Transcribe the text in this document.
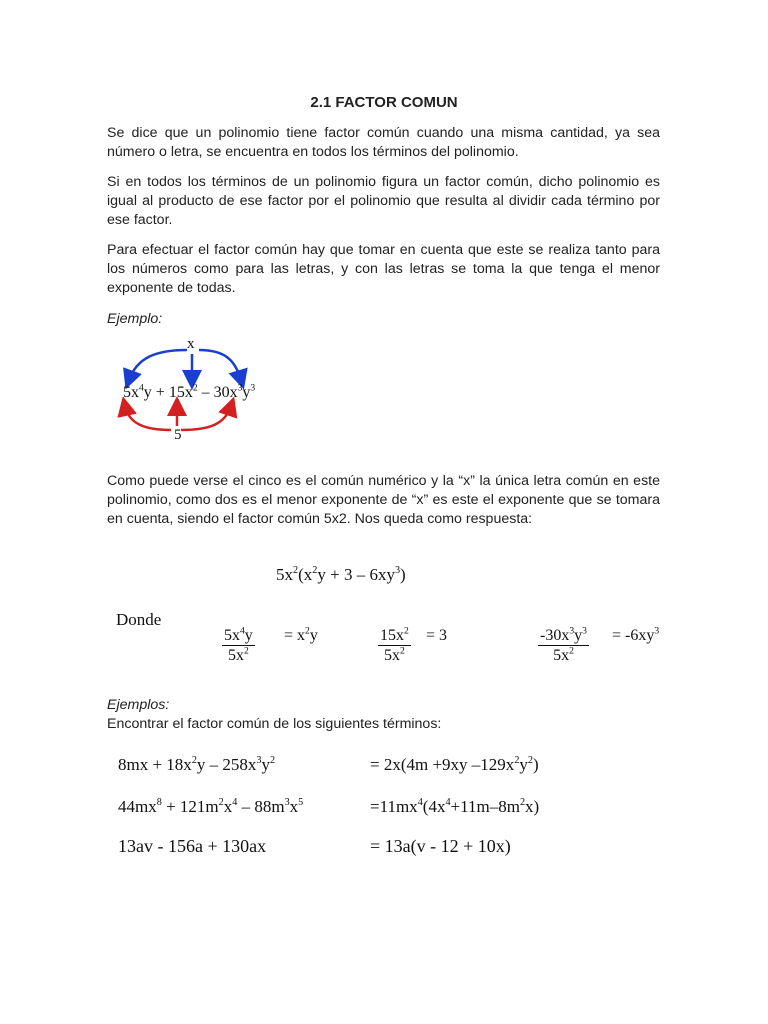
2.1 FACTOR COMUN

Se dice que un polinomio tiene factor común cuando una misma cantidad, ya sea número o letra, se encuentra en todos los términos del polinomio.

Si en todos los términos de un polinomio figura un factor común, dicho polinomio es igual al producto de ese factor por el polinomio que resulta al dividir cada término por ese factor.

Para efectuar el factor común hay que tomar en cuenta que este se realiza tanto para los números como para las letras, y con las letras se toma la que tenga el menor exponente de todas.

Ejemplo:
x
5
$5x^4y + 15x^2 - 30x^3y^3$

Como puede verse el cinco es el común numérico y la “x” la única letra común en este polinomio, como dos es el menor exponente de “x” es este el exponente que se tomara en cuenta, siendo el factor común 5x2. Nos queda como respuesta:

$5x^2(x^2y + 3 - 6xy^3)$
Donde
$5x^4y$
$5x^2$
= $x^2y$	$15x^2$
$5x^2$
= 3	$-30x^3y^3$
$5x^2$
= $-6xy^3$
Ejemplos:
Encontrar el factor común de los siguientes términos:
$8mx + 18x^2y - 258x^3y^2$	= 2x(4m +9xy $-129x^2y^2$)
$44mx^8 + 121m^2x^4 - 88m^3x^5$	$=11mx^4(4x^4+11m-8m^2x)$
13av - 156a + 130ax	= 13a(v - 12 + 10x)
